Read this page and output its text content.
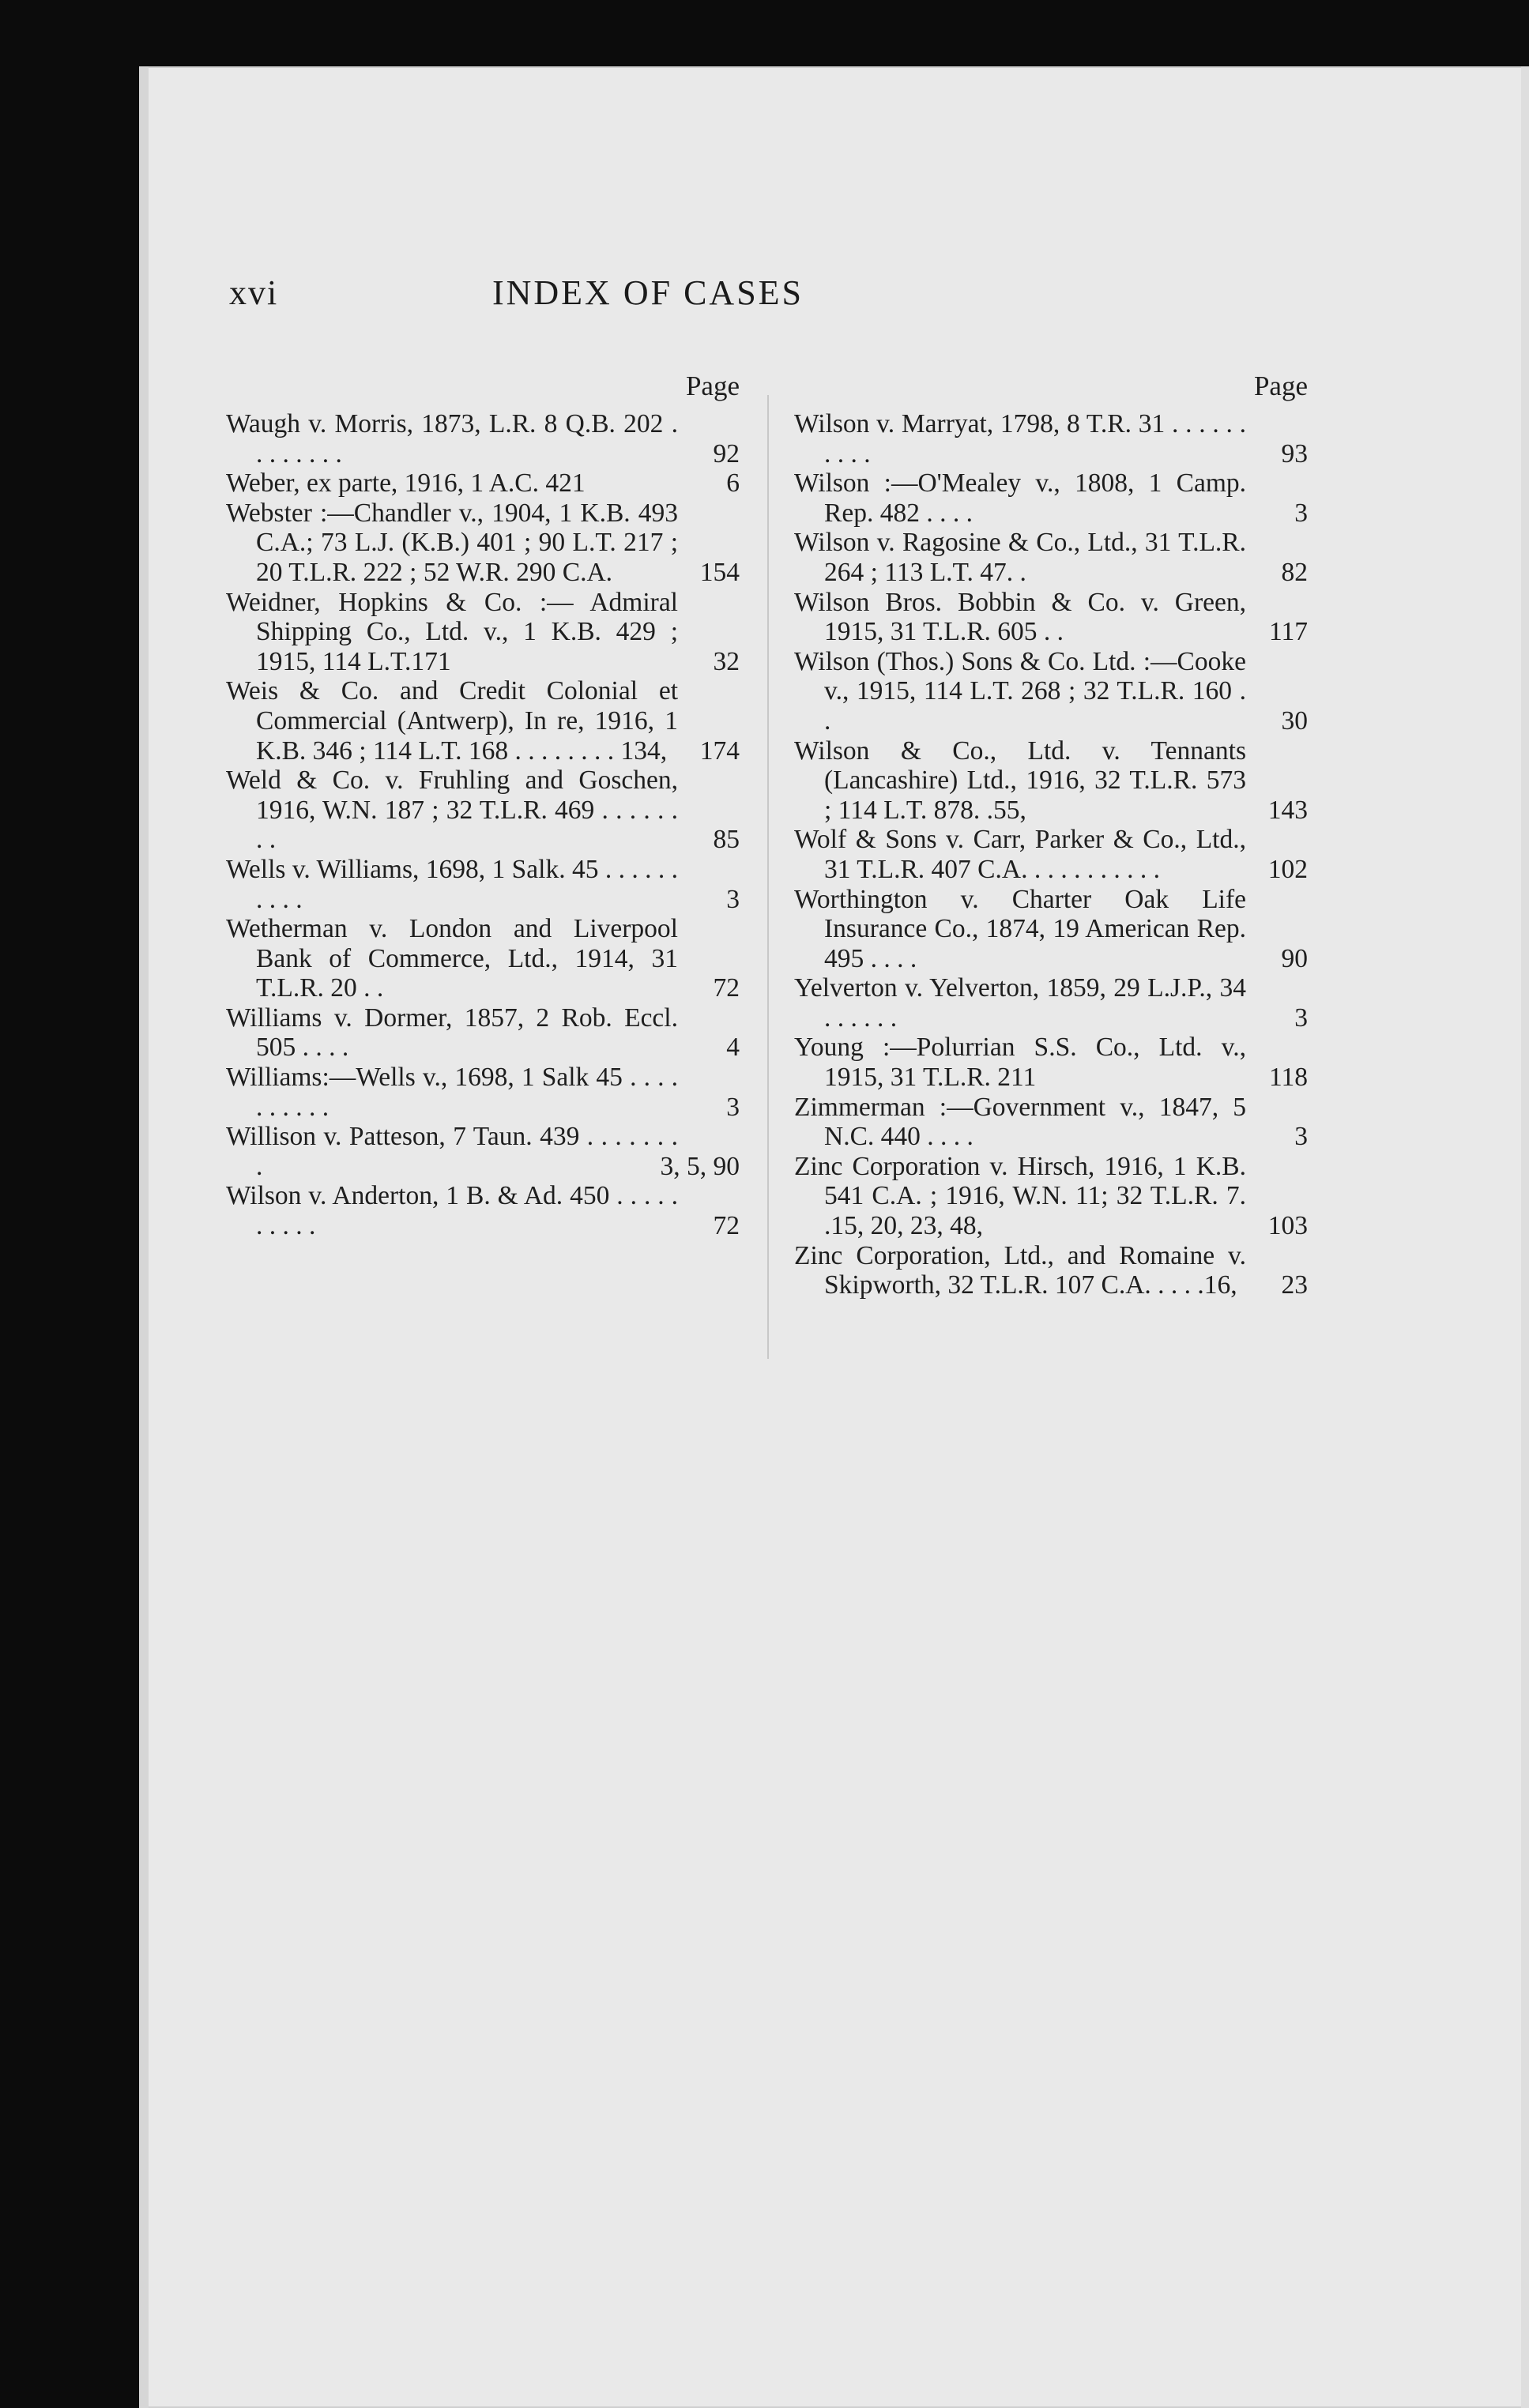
xvi	INDEX OF CASES
Page
Waugh v. Morris, 1873, L.R. 8 Q.B. 202 . . . . . . . .	92
Weber, ex parte, 1916, 1 A.C. 421	6
Webster :—Chandler v., 1904, 1 K.B. 493 C.A.; 73 L.J. (K.B.) 401 ; 90 L.T. 217 ; 20 T.L.R. 222 ; 52 W.R. 290 C.A.	154
Weidner, Hopkins & Co. :— Admiral Shipping Co., Ltd. v., 1 K.B. 429 ; 1915, 114 L.T.171	32
Weis & Co. and Credit Colonial et Commercial (Antwerp), In re, 1916, 1 K.B. 346 ; 114 L.T. 168 . . . . . . . . 134,	174
Weld & Co. v. Fruhling and Goschen, 1916, W.N. 187 ; 32 T.L.R. 469 . . . . . . . .	85
Wells v. Williams, 1698, 1 Salk. 45 . . . . . . . . . .	3
Wetherman v. London and Liverpool Bank of Commerce, Ltd., 1914, 31 T.L.R. 20 . .	72
Williams v. Dormer, 1857, 2 Rob. Eccl. 505 . . . .	4
Williams:—Wells v., 1698, 1 Salk 45 . . . . . . . . . .	3
Willison v. Patteson, 7 Taun. 439 . . . . . . . .	3, 5, 90
Wilson v. Anderton, 1 B. & Ad. 450 . . . . . . . . . .	72
Page
Wilson v. Marryat, 1798, 8 T.R. 31 . . . . . . . . . .	93
Wilson :—O'Mealey v., 1808, 1 Camp. Rep. 482 . . . .	3
Wilson v. Ragosine & Co., Ltd., 31 T.L.R. 264 ; 113 L.T. 47. .	82
Wilson Bros. Bobbin & Co. v. Green, 1915, 31 T.L.R. 605 . .	117
Wilson (Thos.) Sons & Co. Ltd. :—Cooke v., 1915, 114 L.T. 268 ; 32 T.L.R. 160 . .	30
Wilson & Co., Ltd. v. Tennants (Lancashire) Ltd., 1916, 32 T.L.R. 573 ; 114 L.T. 878. .55,	143
Wolf & Sons v. Carr, Parker & Co., Ltd., 31 T.L.R. 407 C.A. . . . . . . . . . .	102
Worthington v. Charter Oak Life Insurance Co., 1874, 19 American Rep. 495 . . . .	90
Yelverton v. Yelverton, 1859, 29 L.J.P., 34 . . . . . .	3
Young :—Polurrian S.S. Co., Ltd. v., 1915, 31 T.L.R. 211	118
Zimmerman :—Government v., 1847, 5 N.C. 440 . . . .	3
Zinc Corporation v. Hirsch, 1916, 1 K.B. 541 C.A. ; 1916, W.N. 11; 32 T.L.R. 7. .15, 20, 23, 48,	103
Zinc Corporation, Ltd., and Romaine v. Skipworth, 32 T.L.R. 107 C.A. . . . .16,	23
